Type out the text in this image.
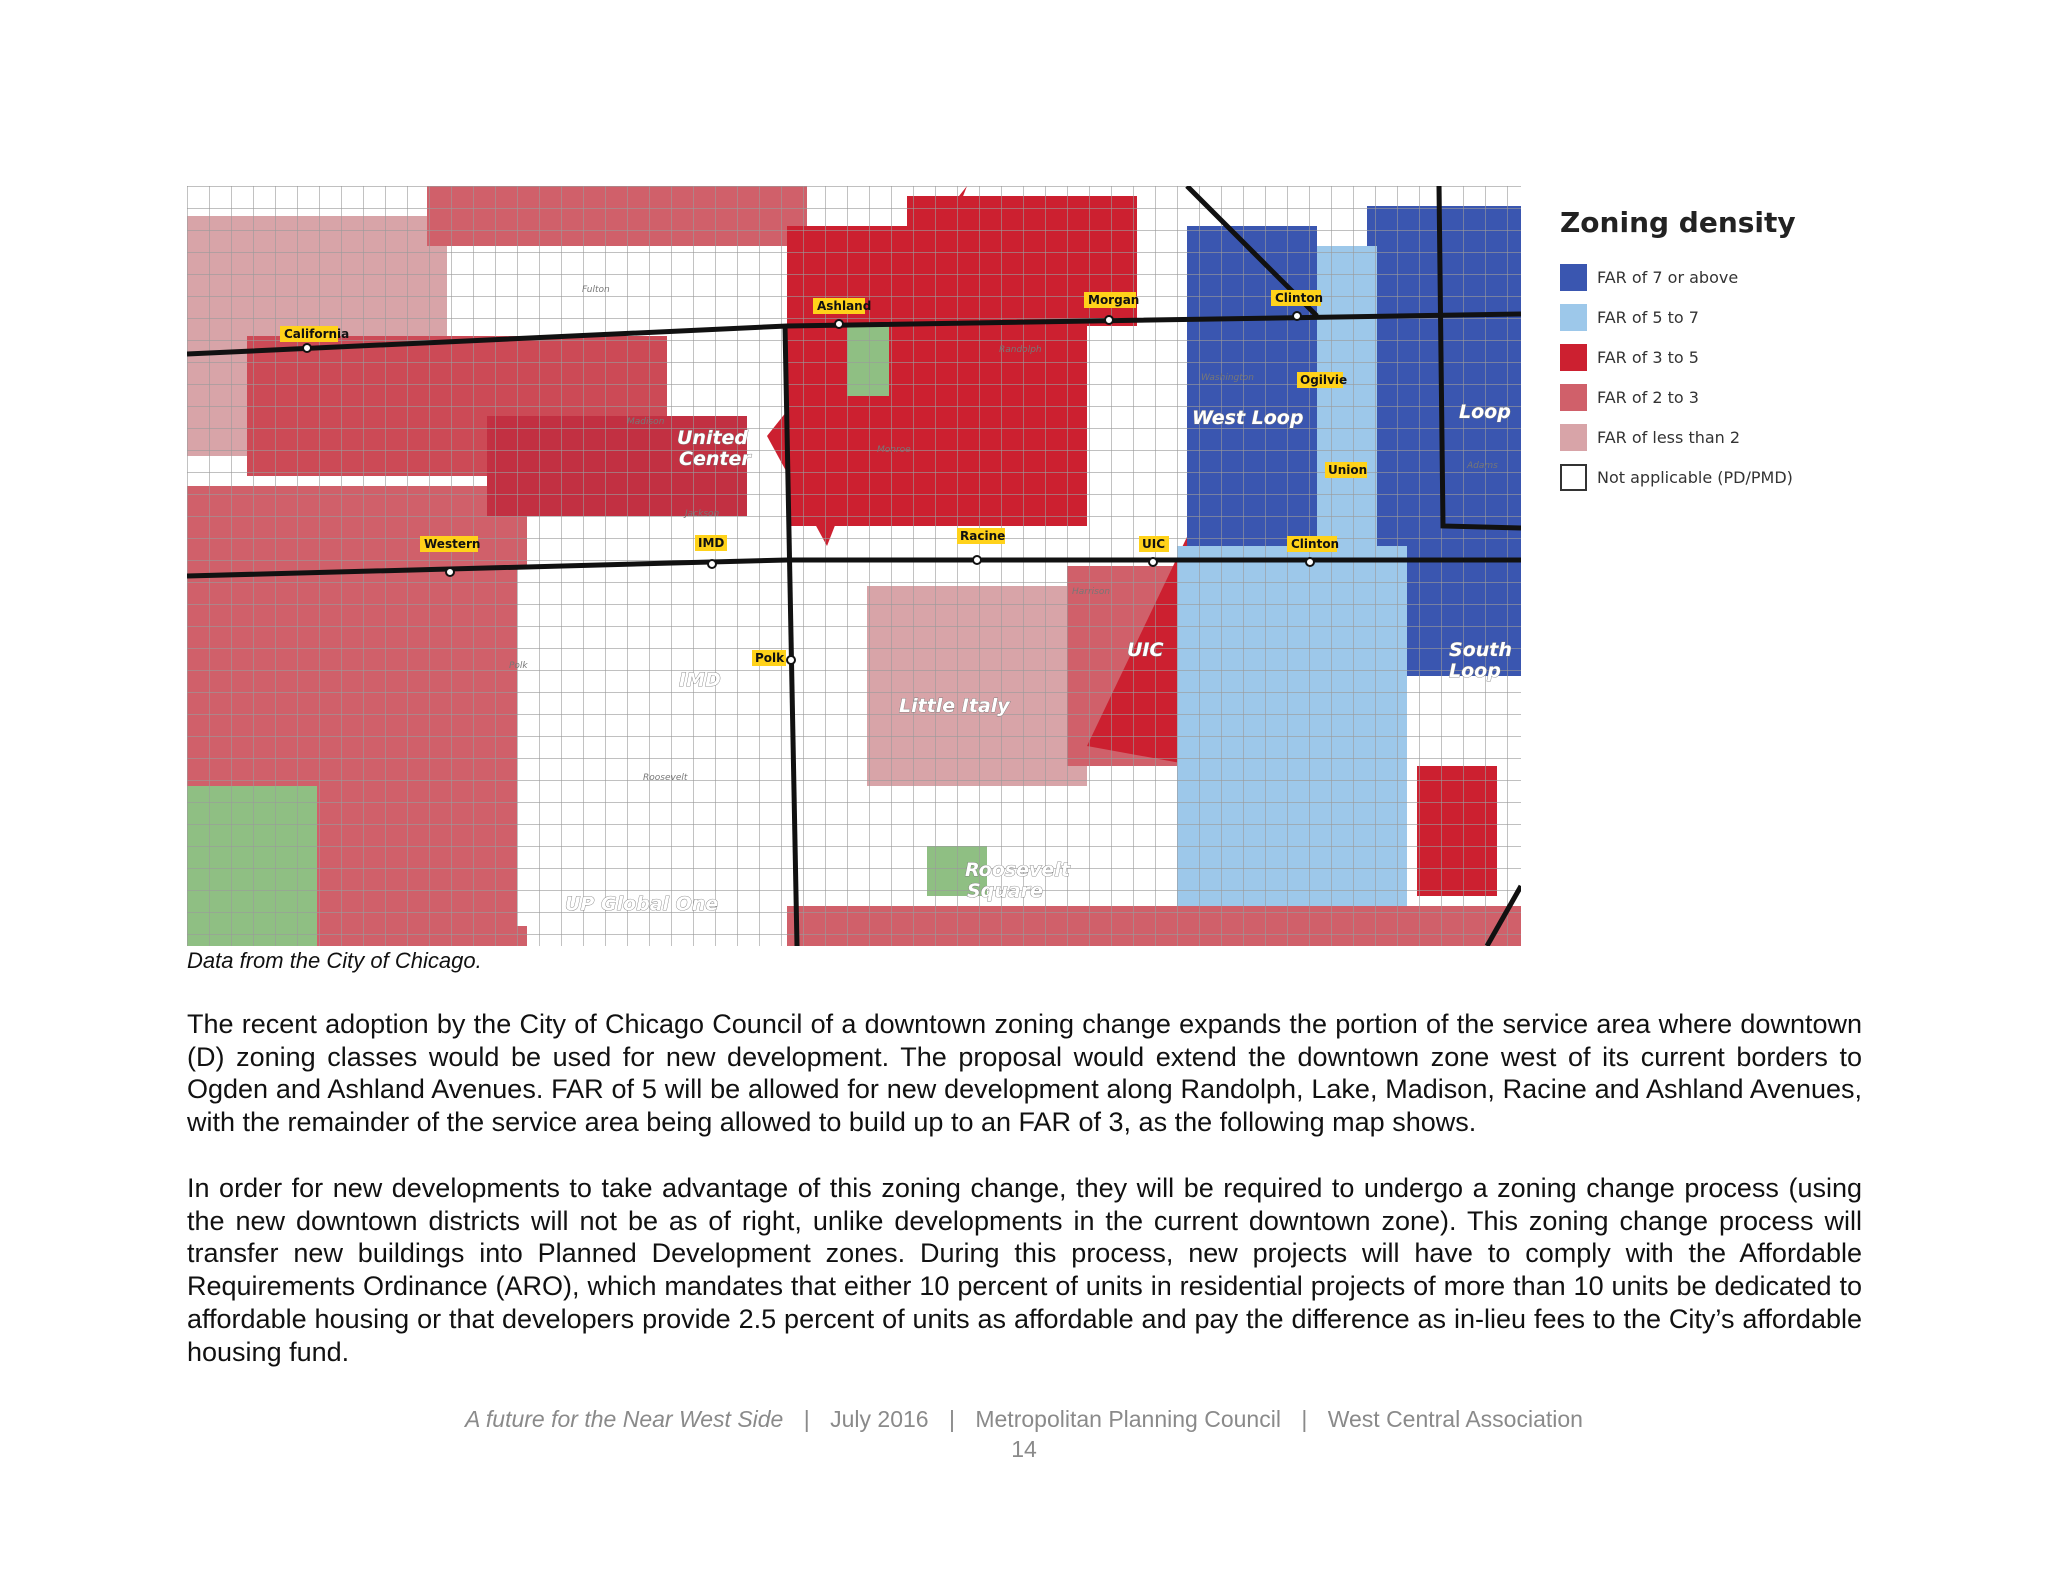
California
Ashland	Morgan	Clinton
Ogilvie
Union
Western	IMD	Racine
UIC	Clinton
Polk
United
Center
West Loop	Loop
UIC	South
Loop
IMD
Little Italy
Roosevelt
Square
UP Global One
Fulton
Randolph
Washington
Madison
Monroe
Jackson
Adams
Harrison
Polk
Roosevelt
Zoning density
FAR of 7 or above
FAR of 5 to 7
FAR of 3 to 5
FAR of 2 to 3
FAR of less than 2
Not applicable (PD/PMD)
Data from the City of Chicago.

The recent adoption by the City of Chicago Council of a downtown zoning change expands the portion of the service area where downtown (D) zoning classes would be used for new development. The proposal would extend the downtown zone west of its current borders to Ogden and Ashland Avenues. FAR of 5 will be allowed for new development along Randolph, Lake, Madison, Racine and Ashland Avenues, with the remainder of the service area being allowed to build up to an FAR of 3, as the following map shows.

In order for new developments to take advantage of this zoning change, they will be required to undergo a zoning change process (using the new downtown districts will not be as of right, unlike developments in the current downtown zone). This zoning change process will transfer new buildings into Planned Development zones. During this process, new projects will have to comply with the Affordable Requirements Ordinance (ARO), which mandates that either 10 percent of units in residential projects of more than 10 units be dedicated to affordable housing or that developers provide 2.5 percent of units as affordable and pay the difference as in-lieu fees to the City’s affordable housing fund.

A future for the Near West Side | July 2016 | Metropolitan Planning Council | West Central Association
14
